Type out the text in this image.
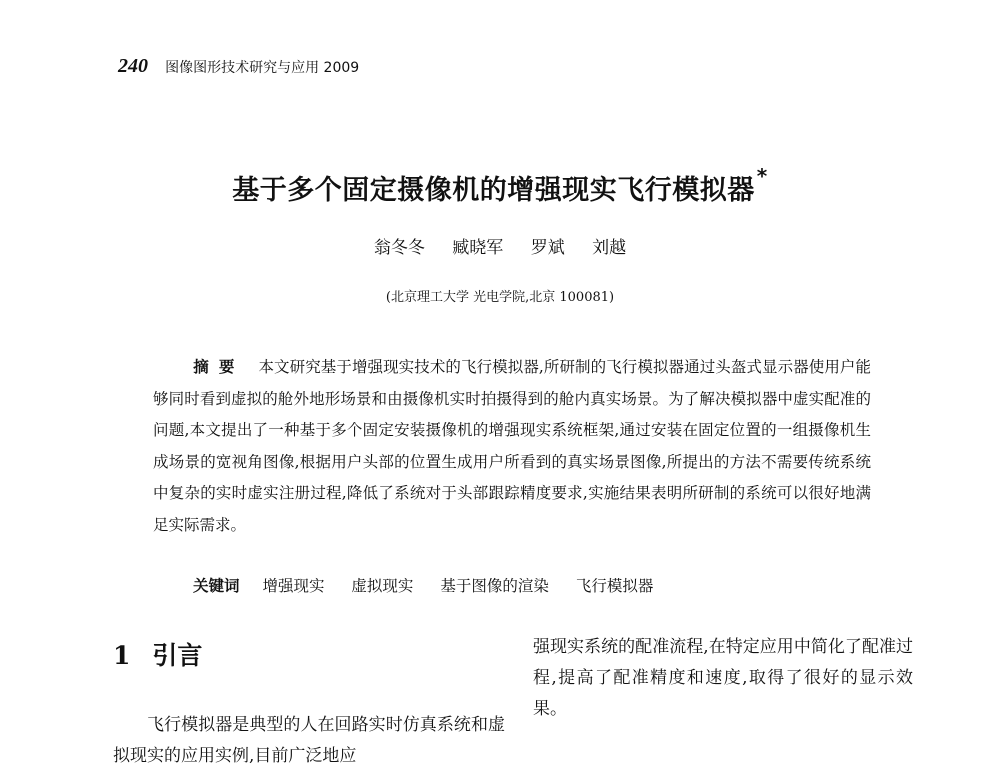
240 图像图形技术研究与应用 2009
基于多个固定摄像机的增强现实飞行模拟器 *
翁冬冬 臧晓军 罗斌 刘越
(北京理工大学 光电学院,北京 100081)
摘要 本文研究基于增强现实技术的飞行模拟器,所研制的飞行模拟器通过头盔式显示器使用户能够同时看到虚拟的舱外地形场景和由摄像机实时拍摄得到的舱内真实场景。为了解决模拟器中虚实配准的问题,本文提出了一种基于多个固定安装摄像机的增强现实系统框架,通过安装在固定位置的一组摄像机生成场景的宽视角图像,根据用户头部的位置生成用户所看到的真实场景图像,所提出的方法不需要传统系统中复杂的实时虚实注册过程,降低了系统对于头部跟踪精度要求,实施结果表明所研制的系统可以很好地满足实际需求。
关键词 增强现实 虚拟现实 基于图像的渲染 飞行模拟器
1 引言
飞行模拟器是典型的人在回路实时仿真系统和虚拟现实的应用实例,目前广泛地应
强现实系统的配准流程,在特定应用中简化了配准过程,提高了配准精度和速度,取得了很好的显示效果。
